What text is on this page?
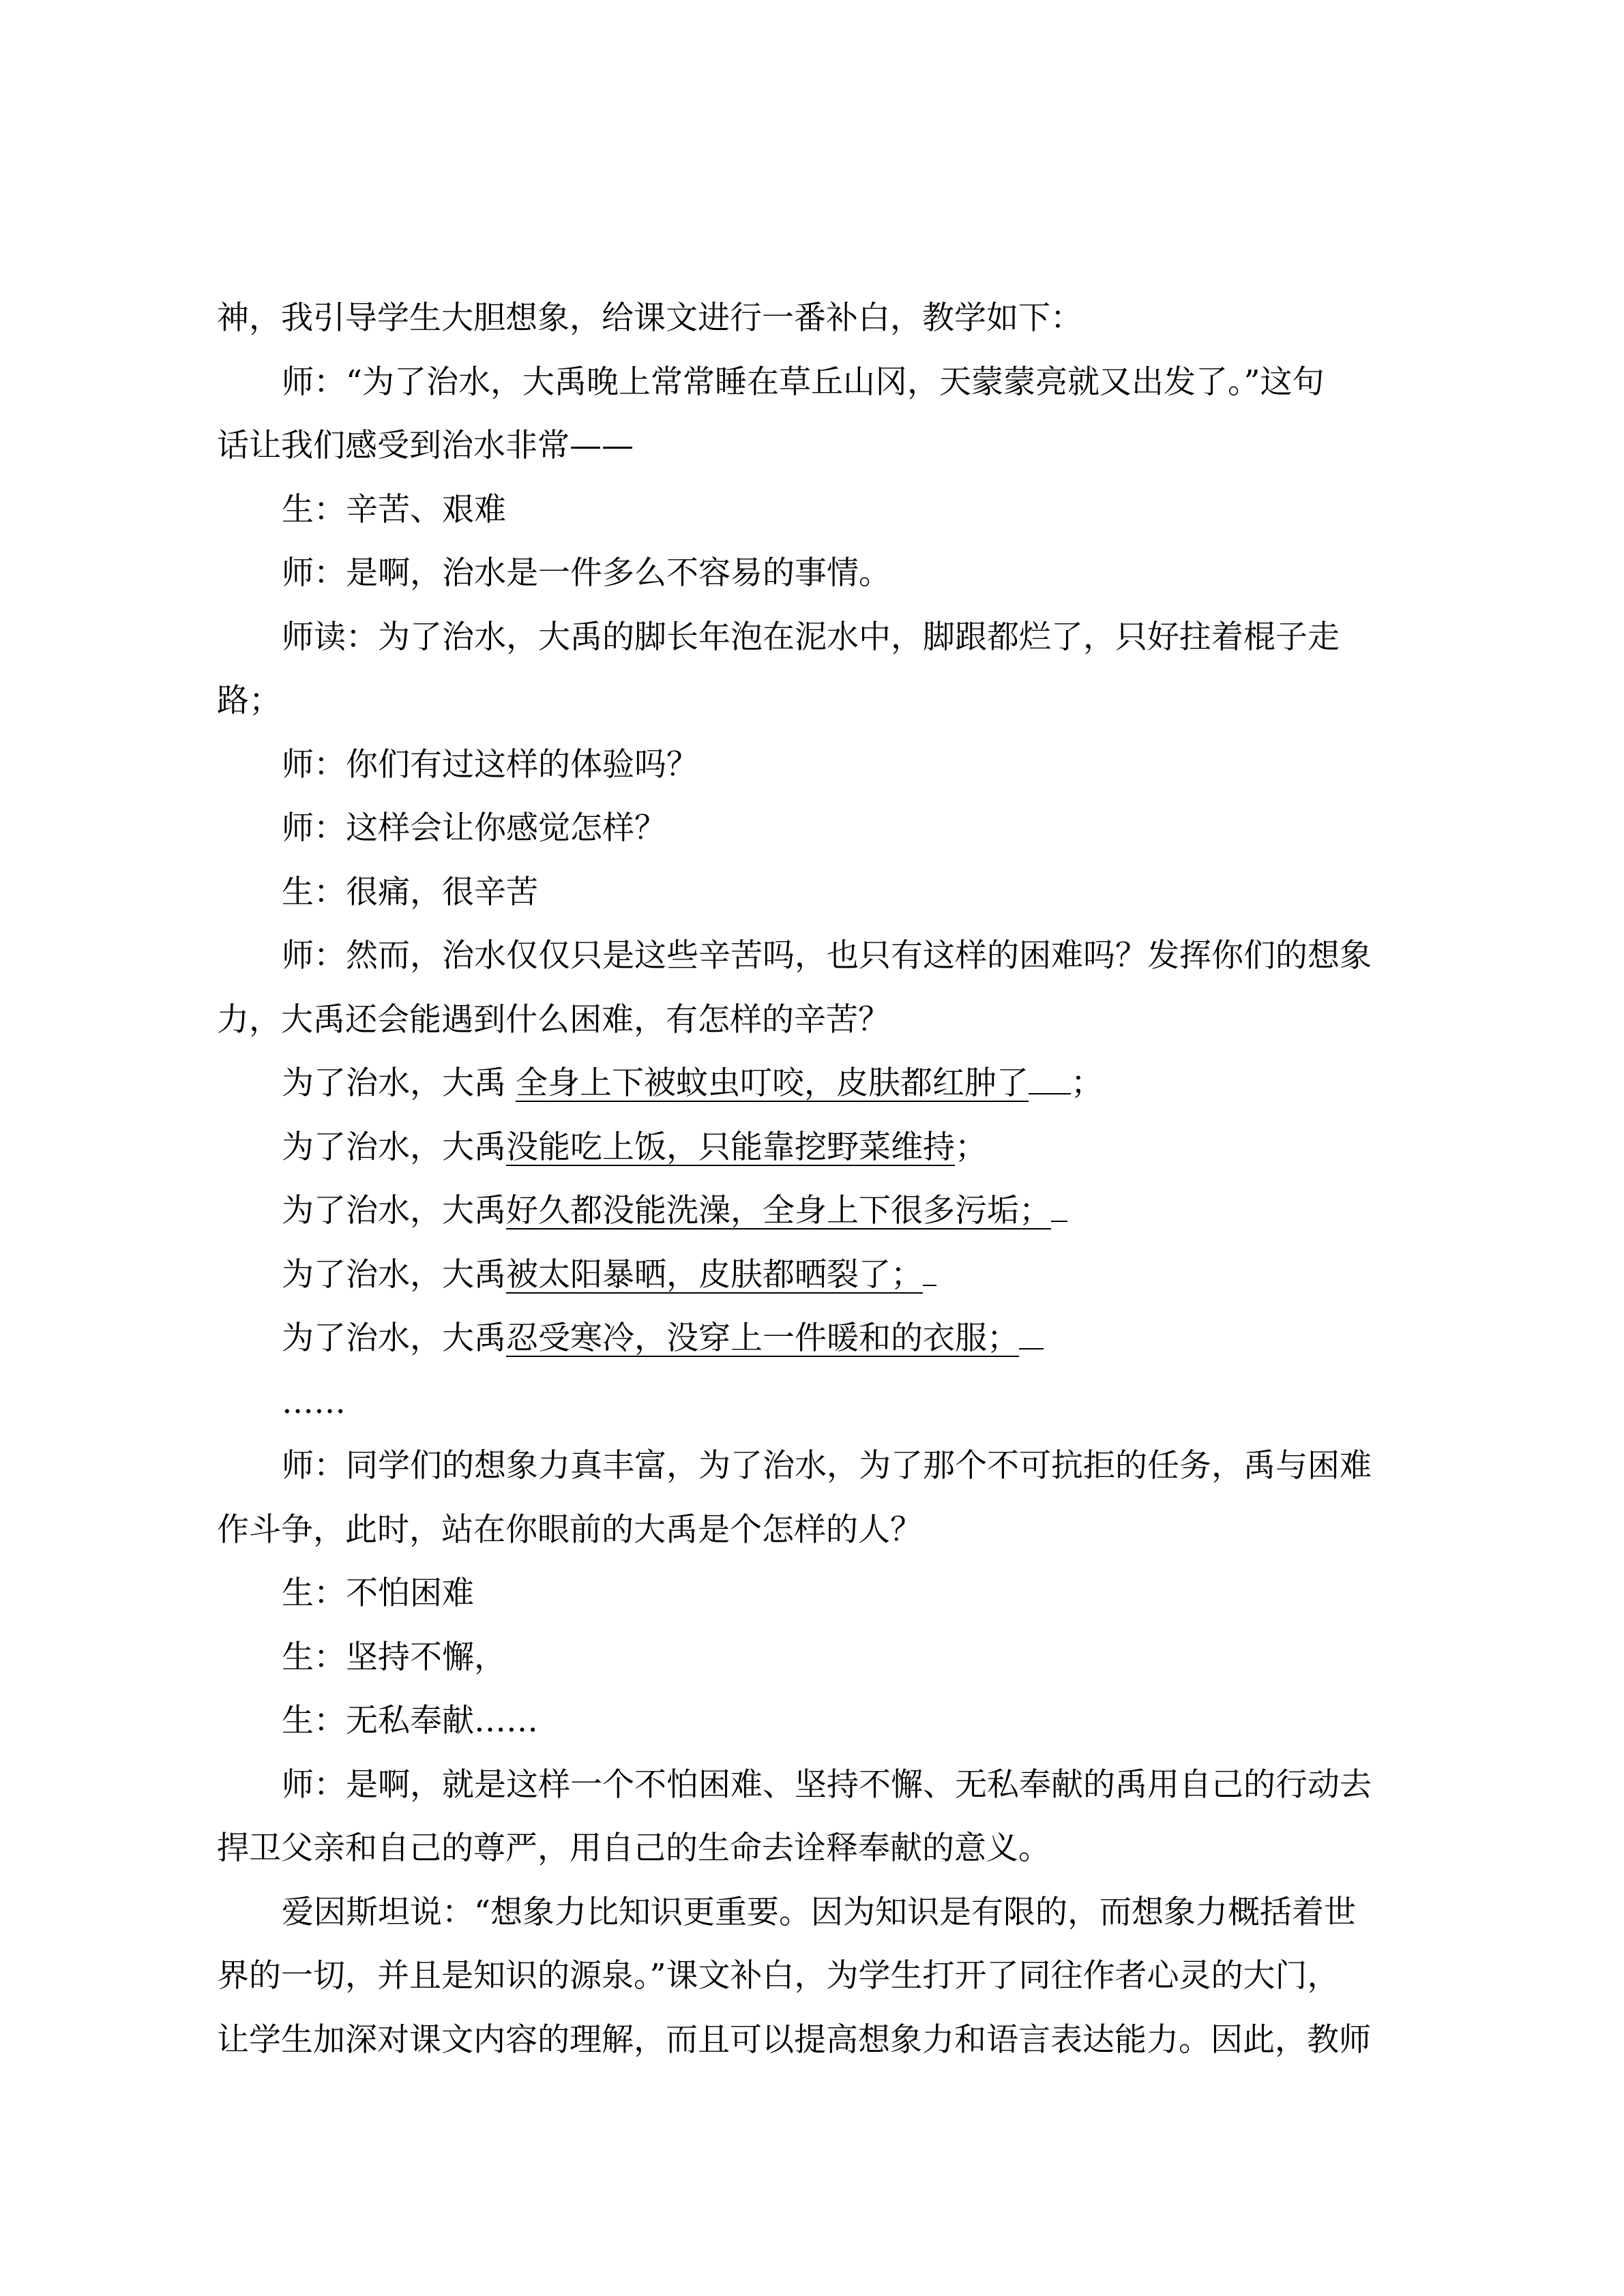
神，我引导学生大胆想象，给课文进行一番补白，教学如下：
师：“为了治水，大禹晚上常常睡在草丘山冈，天蒙蒙亮就又出发了。”这句
话让我们感受到治水非常——
生：辛苦、艰难
师：是啊，治水是一件多么不容易的事情。
师读：为了治水，大禹的脚长年泡在泥水中，脚跟都烂了，只好拄着棍子走
路；
师：你们有过这样的体验吗？
师：这样会让你感觉怎样？
生：很痛，很辛苦
师：然而，治水仅仅只是这些辛苦吗，也只有这样的困难吗？发挥你们的想象
力，大禹还会能遇到什么困难，有怎样的辛苦？
为了治水，大禹 全身上下被蚊虫叮咬，皮肤都红肿了 ；
为了治水，大禹没能吃上饭，只能靠挖野菜维持；
为了治水，大禹好久都没能洗澡，全身上下很多污垢；
为了治水，大禹被太阳暴晒，皮肤都晒裂了；
为了治水，大禹忍受寒冷，没穿上一件暖和的衣服；
……
师：同学们的想象力真丰富，为了治水，为了那个不可抗拒的任务，禹与困难
作斗争，此时，站在你眼前的大禹是个怎样的人？
生：不怕困难
生：坚持不懈，
生：无私奉献……
师：是啊，就是这样一个不怕困难、坚持不懈、无私奉献的禹用自己的行动去
捍卫父亲和自己的尊严，用自己的生命去诠释奉献的意义。
爱因斯坦说：“想象力比知识更重要。因为知识是有限的，而想象力概括着世
界的一切，并且是知识的源泉。”课文补白，为学生打开了同往作者心灵的大门，
让学生加深对课文内容的理解，而且可以提高想象力和语言表达能力。因此，教师
